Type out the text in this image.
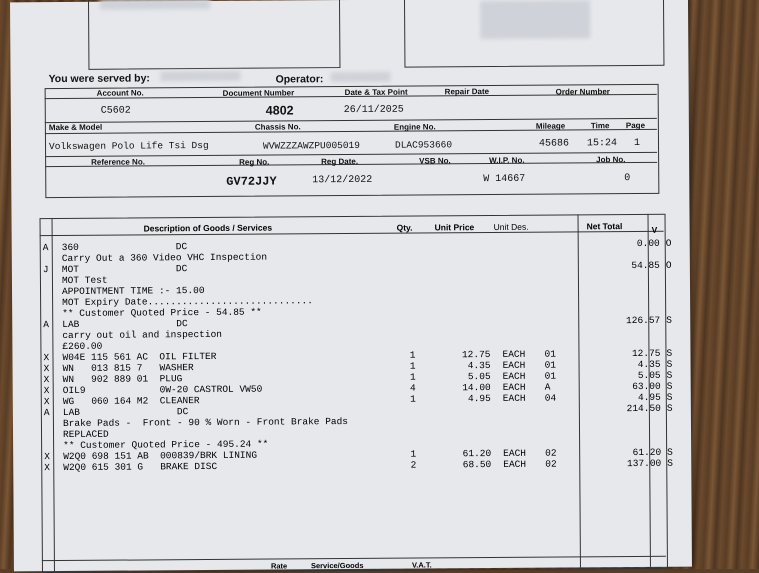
You were served by:	Operator:
Account No.	Document Number	Date & Tax Point	Repair Date	Order Number
C5602	4802	26/11/2025
Make & Model	Chassis No.	Engine No.	Mileage	Time Page
Volkswagen Polo Life Tsi Dsg	WVWZZZAWZPU005019	DLAC953660	45686 15:24 1
Reference No.	Reg No.	Reg Date.	VSB No.	W.I.P. No.	Job No.
GV72JJY	13/12/2022	W 14667	0
Description of Goods / Services	Qty.	Unit Price Unit Des.	Net Total	V
A	360                 DC	0.00 O
Carry Out a 360 Video VHC Inspection
J	MOT                 DC	54.85 O
MOT Test
APPOINTMENT TIME :- 15.00
MOT Expiry Date.............................
** Customer Quoted Price - 54.85 **
A	LAB                 DC	126.57 S
carry out oil and inspection
£260.00
X	W04E 115 561 AC  OIL FILTER	1	12.75 EACH	01	12.75 S
X	WN   013 815 7   WASHER	1	4.35 EACH	01	4.35 S
X	WN   902 889 01  PLUG	1	5.05 EACH	01	5.05 S
X	OIL9             0W-20 CASTROL VW50	4	14.00 EACH	A	63.00 S
X	WG   060 164 M2  CLEANER	1	4.95 EACH	04	4.95 S
A	LAB                 DC	214.50 S
Brake Pads -  Front - 90 % Worn - Front Brake Pads
REPLACED
** Customer Quoted Price - 495.24 **
X	W2Q0 698 151 AB  000839/BRK LINING	1	61.20 EACH	02	61.20 S
X	W2Q0 615 301 G   BRAKE DISC	2	68.50 EACH	02	137.00 S
Rate	Service/Goods	V.A.T.
